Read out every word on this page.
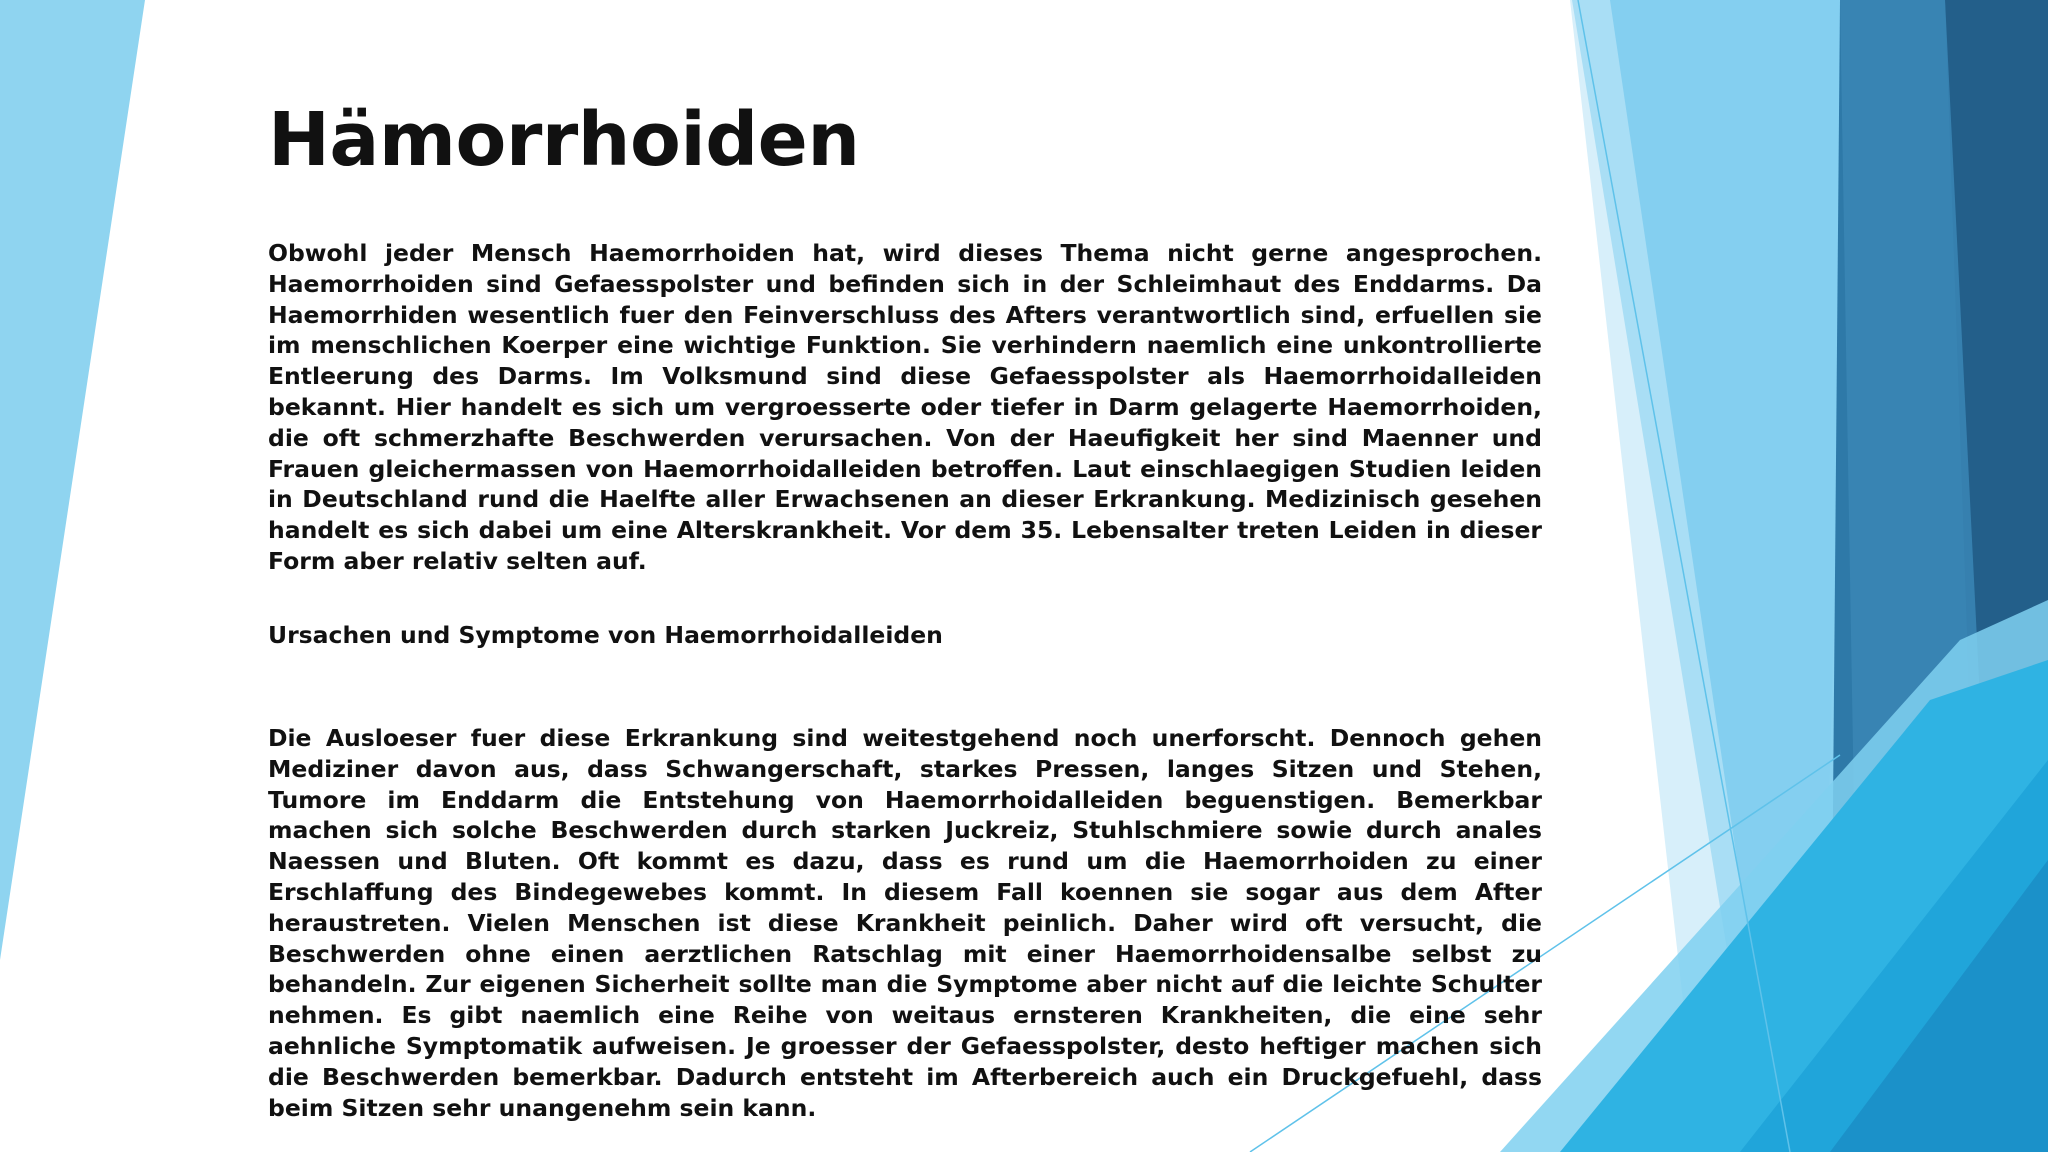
Hämorrhoiden

Obwohl jeder Mensch Haemorrhoiden hat, wird dieses Thema nicht gerne angesprochen. Haemorrhoiden sind Gefaesspolster und befinden sich in der Schleimhaut des Enddarms. Da Haemorrhiden wesentlich fuer den Feinverschluss des Afters verantwortlich sind, erfuellen sie im menschlichen Koerper eine wichtige Funktion. Sie verhindern naemlich eine unkontrollierte Entleerung des Darms. Im Volksmund sind diese Gefaesspolster als Haemorrhoidalleiden bekannt. Hier handelt es sich um vergroesserte oder tiefer in Darm gelagerte Haemorrhoiden, die oft schmerzhafte Beschwerden verursachen. Von der Haeufigkeit her sind Maenner und Frauen gleichermassen von Haemorrhoidalleiden betroffen. Laut einschlaegigen Studien leiden in Deutschland rund die Haelfte aller Erwachsenen an dieser Erkrankung. Medizinisch gesehen handelt es sich dabei um eine Alterskrankheit. Vor dem 35. Lebensalter treten Leiden in dieser Form aber relativ selten auf.

Ursachen und Symptome von Haemorrhoidalleiden

Die Ausloeser fuer diese Erkrankung sind weitestgehend noch unerforscht. Dennoch gehen Mediziner davon aus, dass Schwangerschaft, starkes Pressen, langes Sitzen und Stehen, Tumore im Enddarm die Entstehung von Haemorrhoidalleiden beguenstigen. Bemerkbar machen sich solche Beschwerden durch starken Juckreiz, Stuhlschmiere sowie durch anales Naessen und Bluten. Oft kommt es dazu, dass es rund um die Haemorrhoiden zu einer Erschlaffung des Bindegewebes kommt. In diesem Fall koennen sie sogar aus dem After heraustreten. Vielen Menschen ist diese Krankheit peinlich. Daher wird oft versucht, die Beschwerden ohne einen aerztlichen Ratschlag mit einer Haemorrhoidensalbe selbst zu behandeln. Zur eigenen Sicherheit sollte man die Symptome aber nicht auf die leichte Schulter nehmen. Es gibt naemlich eine Reihe von weitaus ernsteren Krankheiten, die eine sehr aehnliche Symptomatik aufweisen. Je groesser der Gefaesspolster, desto heftiger machen sich die Beschwerden bemerkbar. Dadurch entsteht im Afterbereich auch ein Druckgefuehl, dass beim Sitzen sehr unangenehm sein kann.
